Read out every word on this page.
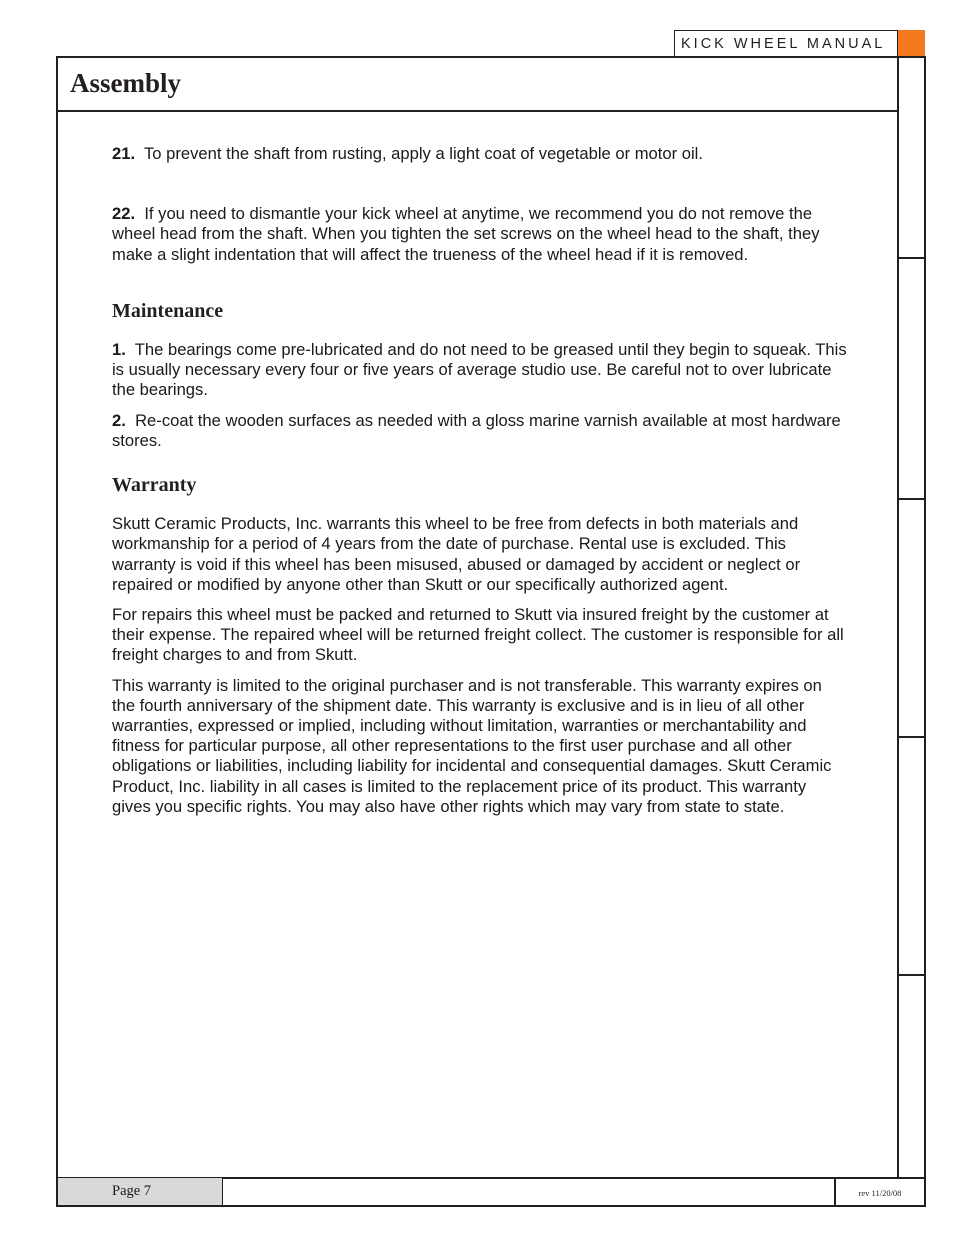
KICK WHEEL MANUAL
Assembly

21. To prevent the shaft from rusting, apply a light coat of vegetable or motor oil.

22. If you need to dismantle your kick wheel at anytime, we recommend you do not remove the wheel head from the shaft. When you tighten the set screws on the wheel head to the shaft, they make a slight indentation that will affect the trueness of the wheel head if it is removed.

Maintenance

1. The bearings come pre-lubricated and do not need to be greased until they begin to squeak. This is usually necessary every four or five years of average studio use. Be careful not to over lubricate the bearings.

2. Re-coat the wooden surfaces as needed with a gloss marine varnish available at most hardware stores.

Warranty

Skutt Ceramic Products, Inc. warrants this wheel to be free from defects in both materials and workmanship for a period of 4 years from the date of purchase. Rental use is excluded. This warranty is void if this wheel has been misused, abused or damaged by accident or neglect or repaired or modified by anyone other than Skutt or our specifically authorized agent.

For repairs this wheel must be packed and returned to Skutt via insured freight by the customer at their expense. The repaired wheel will be returned freight collect. The customer is responsible for all freight charges to and from Skutt.

This warranty is limited to the original purchaser and is not transferable. This warranty expires on the fourth anniversary of the shipment date. This warranty is exclusive and is in lieu of all other warranties, expressed or implied, including without limitation, warranties or merchantability and fitness for particular purpose, all other representations to the first user purchase and all other obligations or liabilities, including liability for incidental and consequential damages. Skutt Ceramic Product, Inc. liability in all cases is limited to the replacement price of its product. This warranty gives you specific rights. You may also have other rights which may vary from state to state.

Page 7	rev 11/20/08
